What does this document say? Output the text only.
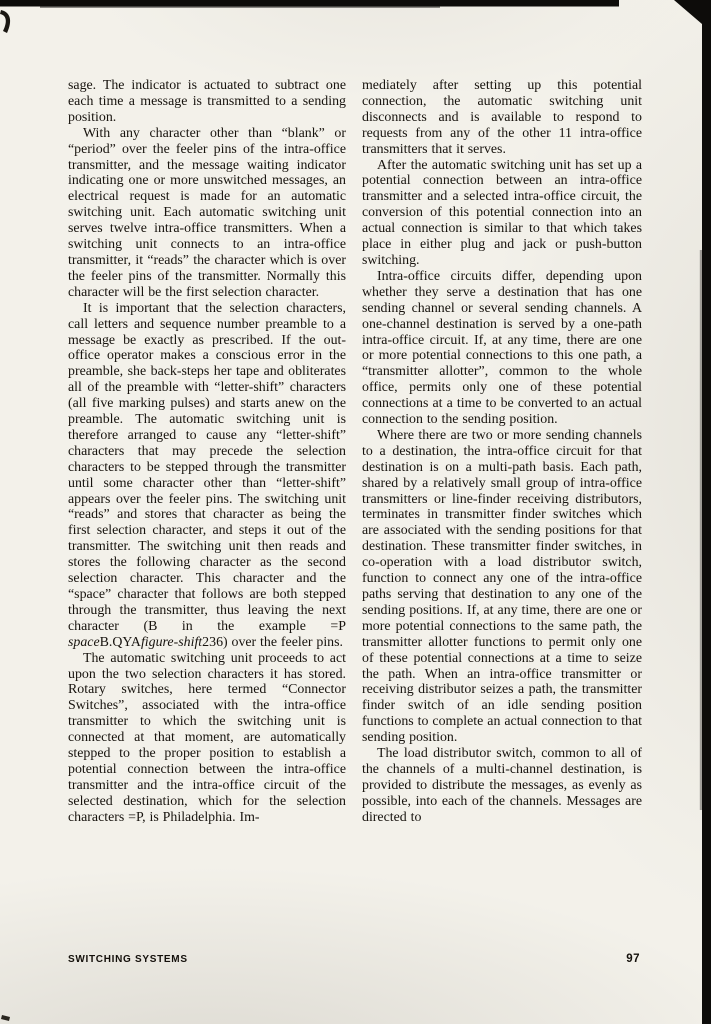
sage. The indicator is actuated to subtract one each time a message is transmitted to a sending position.

With any character other than “blank” or “period” over the feeler pins of the intra-office transmitter, and the message waiting indicator indicating one or more unswitched messages, an electrical request is made for an automatic switching unit. Each automatic switching unit serves twelve intra-office transmitters. When a switching unit connects to an intra-office transmitter, it “reads” the character which is over the feeler pins of the transmitter. Normally this character will be the first selection character.

It is important that the selection characters, call letters and sequence number preamble to a message be exactly as prescribed. If the out-office operator makes a conscious error in the preamble, she back-steps her tape and obliterates all of the preamble with “letter-shift” characters (all five marking pulses) and starts anew on the preamble. The automatic switching unit is therefore arranged to cause any “letter-shift” characters that may precede the selection characters to be stepped through the transmitter until some character other than “letter-shift” appears over the feeler pins. The switching unit “reads” and stores that character as being the first selection character, and steps it out of the transmitter. The switching unit then reads and stores the following character as the second selection character. This character and the “space” character that follows are both stepped through the transmitter, thus leaving the next character (B in the example =P spaceB.QYAfigure-shift236) over the feeler pins.

The automatic switching unit proceeds to act upon the two selection characters it has stored. Rotary switches, here termed “Connector Switches”, associated with the intra-office transmitter to which the switching unit is connected at that moment, are automatically stepped to the proper position to establish a potential connection between the intra-office transmitter and the intra-office circuit of the selected destination, which for the selection characters =P, is Philadelphia. Im-

mediately after setting up this potential connection, the automatic switching unit disconnects and is available to respond to requests from any of the other 11 intra-office transmitters that it serves.

After the automatic switching unit has set up a potential connection between an intra-office transmitter and a selected intra-office circuit, the conversion of this potential connection into an actual connection is similar to that which takes place in either plug and jack or push-button switching.

Intra-office circuits differ, depending upon whether they serve a destination that has one sending channel or several sending channels. A one-channel destination is served by a one-path intra-office circuit. If, at any time, there are one or more potential connections to this one path, a “transmitter allotter”, common to the whole office, permits only one of these potential connections at a time to be converted to an actual connection to the sending position.

Where there are two or more sending channels to a destination, the intra-office circuit for that destination is on a multi-path basis. Each path, shared by a relatively small group of intra-office transmitters or line-finder receiving distributors, terminates in transmitter finder switches which are associated with the sending positions for that destination. These transmitter finder switches, in co-operation with a load distributor switch, function to connect any one of the intra-office paths serving that destination to any one of the sending positions. If, at any time, there are one or more potential connections to the same path, the transmitter allotter functions to permit only one of these potential connections at a time to seize the path. When an intra-office transmitter or receiving distributor seizes a path, the transmitter finder switch of an idle sending position functions to complete an actual connection to that sending position.

The load distributor switch, common to all of the channels of a multi-channel destination, is provided to distribute the messages, as evenly as possible, into each of the channels. Messages are directed to

SWITCHING SYSTEMS	97
